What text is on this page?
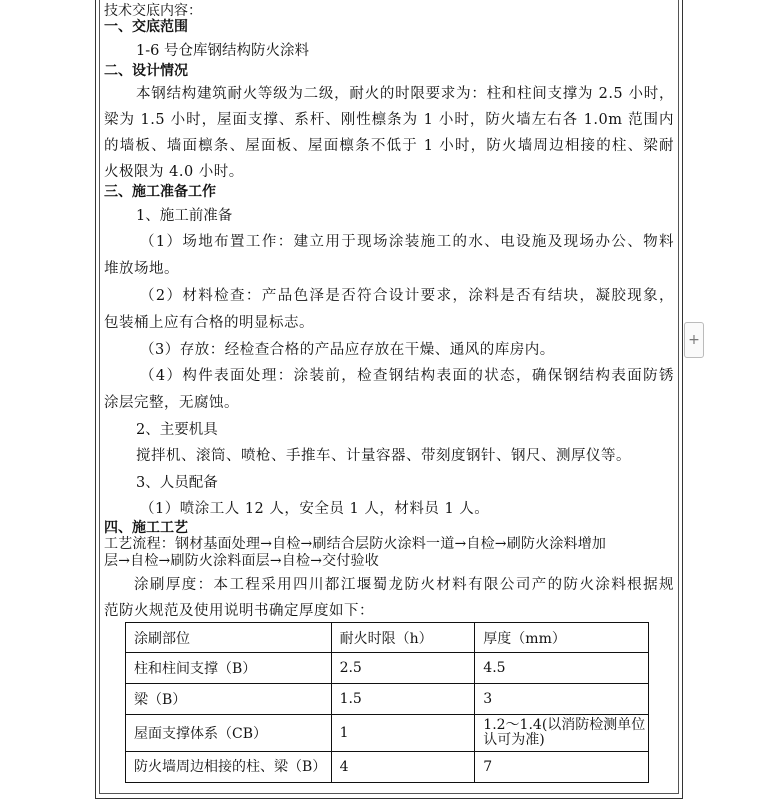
技术交底内容：
一、交底范围
1-6 号仓库钢结构防火涂料
二、设计情况
本钢结构建筑耐火等级为二级，耐火的时限要求为：柱和柱间支撑为 2.5 小时，
梁为 1.5 小时，屋面支撑、系杆、刚性檩条为 1 小时，防火墙左右各 1.0m 范围内
的墙板、墙面檩条、屋面板、屋面檩条不低于 1 小时，防火墙周边相接的柱、梁耐
火极限为 4.0 小时。
三、施工准备工作
1、施工前准备
（1）场地布置工作：建立用于现场涂装施工的水、电设施及现场办公、物料
堆放场地。
（2）材料检查：产品色泽是否符合设计要求，涂料是否有结块，凝胶现象，
包装桶上应有合格的明显标志。
（3）存放：经检查合格的产品应存放在干燥、通风的库房内。
（4）构件表面处理：涂装前，检查钢结构表面的状态，确保钢结构表面防锈
涂层完整，无腐蚀。
2、主要机具
搅拌机、滚筒、喷枪、手推车、计量容器、带刻度钢针、钢尺、测厚仪等。
3、人员配备
（1）喷涂工人 12 人，安全员 1 人，材料员 1 人。
四、施工工艺
工艺流程：钢材基面处理→自检→刷结合层防火涂料一道→自检→刷防火涂料增加
层→自检→刷防火涂料面层→自检→交付验收
涂刷厚度：本工程采用四川都江堰蜀龙防火材料有限公司产的防火涂料根据规
范防火规范及使用说明书确定厚度如下：
涂刷部位	耐火时限（h）	厚度（mm）
柱和柱间支撑（B）	2.5	4.5
梁（B）	1.5	3
屋面支撑体系（CB）	1	1.2～1.4(以消防检测单位认可为准)
防火墙周边相接的柱、梁（B）	4	7
+
